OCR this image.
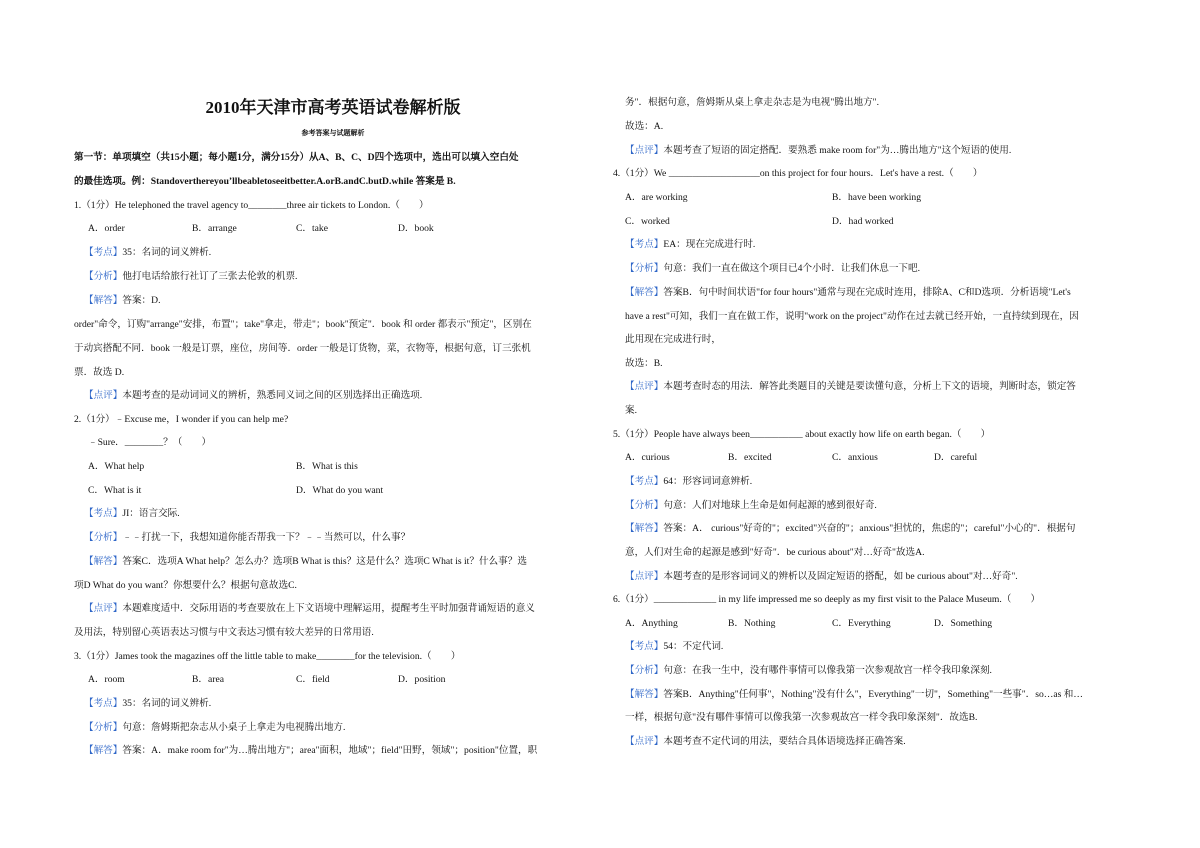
2010年天津市高考英语试卷解析版
参考答案与试题解析
第一节：单项填空（共15小题；每小题1分，满分15分）从A、B、C、D四个选项中，选出可以填入空白处
的最佳选项。例：Standoverthereyou’llbeabletoseeitbetter.A.orB.andC.butD.while 答案是 B.
1.（1分）He telephoned the travel agency to________three air tickets to London.（　　）
A．order	B．arrange	C．take	D．book
【考点】35：名词的词义辨析.
【分析】他打电话给旅行社订了三张去伦敦的机票.
【解答】答案：D.
order"命令，订购"arrange"安排，布置"；take"拿走，带走"；book"预定"．book 和 order 都表示"预定"，区别在
于动宾搭配不同．book 一般是订票，座位，房间等．order 一般是订货物，菜，衣物等，根据句意，订三张机
票．故选 D.
【点评】本题考查的是动词词义的辨析，熟悉同义词之间的区别选择出正确选项.
2.（1分）﹣Excuse me，I wonder if you can help me?
﹣Sure．________？（　　）
A．What help	B．What is this
C．What is it	D．What do you want
【考点】JI：语言交际.
【分析】﹣﹣打扰一下，我想知道你能否帮我一下？﹣﹣当然可以，什么事？
【解答】答案C．选项A What help？怎么办？选项B What is this？这是什么？选项C What is it？什么事？选
项D What do you want？你想要什么？根据句意故选C.
【点评】本题难度适中．交际用语的考查要放在上下文语境中理解运用，提醒考生平时加强背诵短语的意义
及用法，特别留心英语表达习惯与中文表达习惯有较大差异的日常用语.
3.（1分）James took the magazines off the little table to make________for the television.（　　）
A．room	B．area	C．field	D．position
【考点】35：名词的词义辨析.
【分析】句意：詹姆斯把杂志从小桌子上拿走为电视腾出地方.
【解答】答案：A．make room for"为…腾出地方"；area"面积，地域"；field"田野，领域"；position"位置，职
务"．根据句意，詹姆斯从桌上拿走杂志是为电视"腾出地方".
故选：A.
【点评】本题考查了短语的固定搭配．要熟悉 make room for"为…腾出地方"这个短语的使用.
4.（1分）We ___________________on this project for four hours．Let's have a rest.（　　）
A．are working	B．have been working
C．worked	D．had worked
【考点】EA：现在完成进行时.
【分析】句意：我们一直在做这个项目已4个小时．让我们休息一下吧.
【解答】答案B．句中时间状语"for four hours"通常与现在完成时连用，排除A、C和D选项．分析语境"Let's
have a rest"可知，我们一直在做工作，说明"work on the project"动作在过去就已经开始，一直持续到现在，因
此用现在完成进行时，
故选：B.
【点评】本题考查时态的用法．解答此类题目的关键是要读懂句意，分析上下文的语境，判断时态，锁定答
案.
5.（1分）People have always been___________ about exactly how life on earth began.（　　）
A．curious	B．excited	C．anxious	D．careful
【考点】64：形容词词意辨析.
【分析】句意：人们对地球上生命是如何起源的感到很好奇.
【解答】答案：A． curious"好奇的"；excited"兴奋的"；anxious"担忧的，焦虑的"；careful"小心的"．根据句
意，人们对生命的起源是感到"好奇"．be curious about"对…好奇"故选A.
【点评】本题考查的是形容词词义的辨析以及固定短语的搭配，如 be curious about"对…好奇".
6.（1分）_____________ in my life impressed me so deeply as my first visit to the Palace Museum.（　　）
A．Anything	B．Nothing	C．Everything	D．Something
【考点】54：不定代词.
【分析】句意：在我一生中，没有哪件事情可以像我第一次参观故宫一样令我印象深刻.
【解答】答案B．Anything"任何事"，Nothing"没有什么"，Everything"一切"，Something"一些事"．so…as 和…
一样，根据句意"没有哪件事情可以像我第一次参观故宫一样令我印象深刻"．故选B.
【点评】本题考查不定代词的用法，要结合具体语境选择正确答案.
